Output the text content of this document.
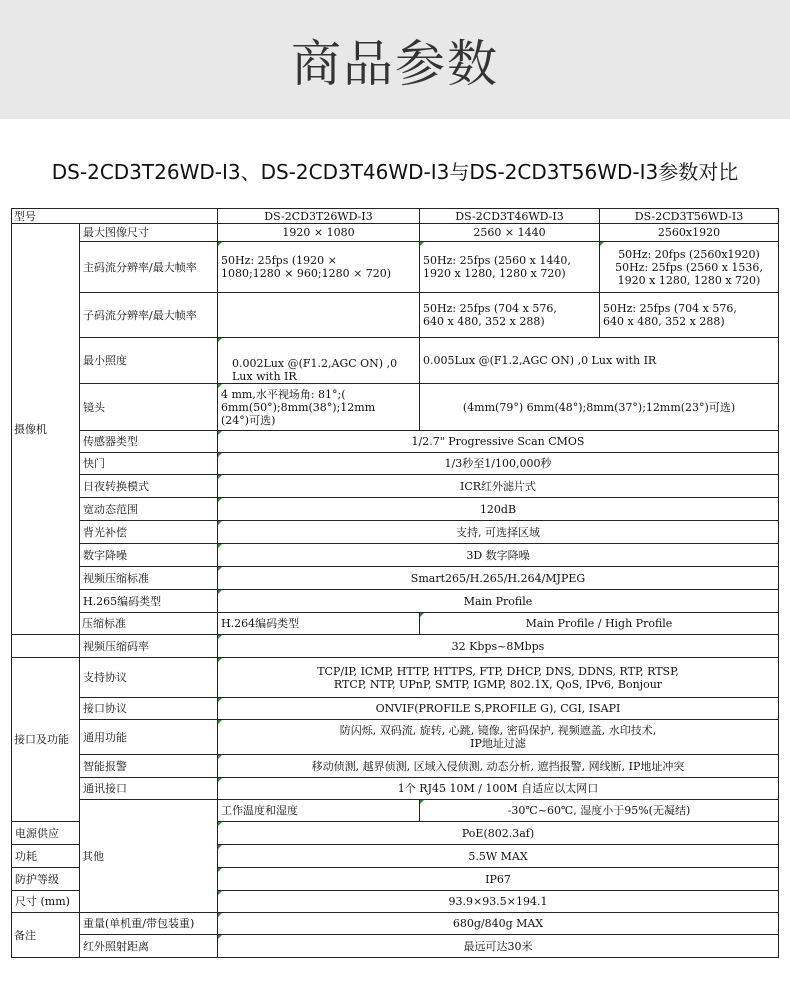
商品参数
DS-2CD3T26WD-I3、DS-2CD3T46WD-I3与DS-2CD3T56WD-I3参数对比
型号		DS-2CD3T26WD-I3	DS-2CD3T46WD-I3	DS-2CD3T56WD-I3
摄像机	最大图像尺寸	1920 × 1080	2560 × 1440	2560x1920
	主码流分辨率/最大帧率	50Hz: 25fps (1920 ×
1080;1280 × 960;1280 × 720)	50Hz: 25fps (2560 x 1440,
1920 x 1280, 1280 x 720)	50Hz: 20fps (2560x1920)
50Hz: 25fps (2560 x 1536,
1920 x 1280, 1280 x 720)
	子码流分辨率/最大帧率		50Hz: 25fps (704 x 576,
640 x 480, 352 x 288)	50Hz: 25fps (704 x 576,
640 x 480, 352 x 288)
	最小照度	0.002Lux @(F1.2,AGC ON) ,0
Lux with IR	0.005Lux @(F1.2,AGC ON) ,0 Lux with IR	
	镜头	4 mm,水平视场角: 81°;(
6mm(50°);8mm(38°);12mm
(24°)可选)	(4mm(79°) 6mm(48°);8mm(37°);12mm(23°)可选)	
	传感器类型	1/2.7" Progressive Scan CMOS		
	快门	1/3秒至1/100,000秒		
	日夜转换模式	ICR红外滤片式		
	宽动态范围	120dB		
	背光补偿	支持, 可选择区域		
	数字降噪	3D 数字降噪		
	视频压缩标准	Smart265/H.265/H.264/MJPEG		
	H.265编码类型	Main Profile		
	压缩标准	H.264编码类型	Main Profile / High Profile	
	视频压缩码率	32 Kbps~8Mbps		
接口及功能	支持协议	TCP/IP, ICMP, HTTP, HTTPS, FTP, DHCP, DNS, DDNS, RTP, RTSP,
RTCP, NTP, UPnP, SMTP, IGMP, 802.1X, QoS, IPv6, Bonjour		
	接口协议	ONVIF(PROFILE S,PROFILE G), CGI, ISAPI		
	通用功能	防闪烁, 双码流, 旋转, 心跳, 镜像, 密码保护, 视频遮盖, 水印技术,
IP地址过滤		
	智能报警	移动侦测, 越界侦测, 区域入侵侦测, 动态分析, 遮挡报警, 网线断, IP地址冲突		
	通讯接口	1个 RJ45 10M / 100M 自适应以太网口		
	其他	工作温度和湿度	-30℃~60℃, 湿度小于95%(无凝结)	
电源供应		PoE(802.3af)		
功耗		5.5W MAX		
防护等级		IP67		
尺寸 (mm)		93.9×93.5×194.1		
备注	重量(单机重/带包装重)	680g/840g MAX		
	红外照射距离	最远可达30米		
